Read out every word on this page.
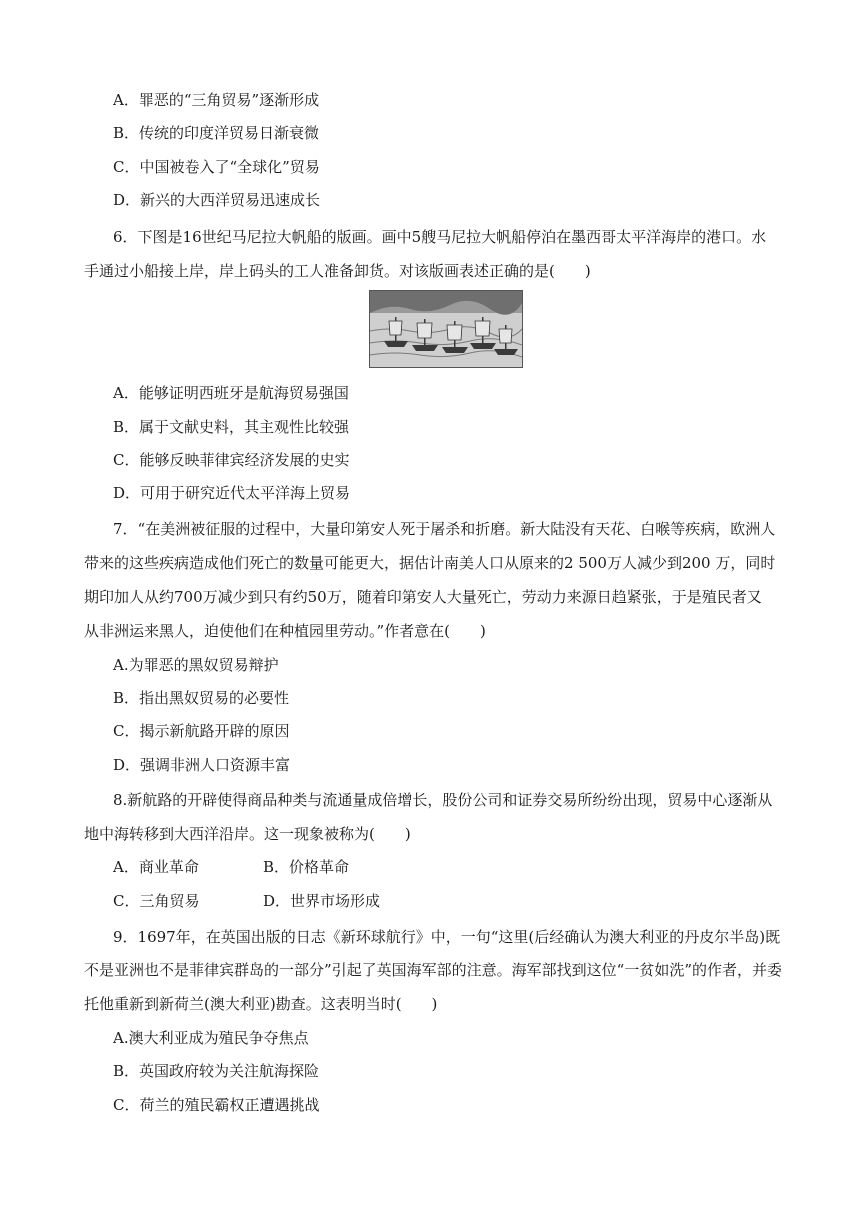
A．罪恶的“三角贸易”逐渐形成
B．传统的印度洋贸易日渐衰微
C．中国被卷入了“全球化”贸易
D．新兴的大西洋贸易迅速成长
6．下图是16世纪马尼拉大帆船的版画。画中5艘马尼拉大帆船停泊在墨西哥太平洋海岸的港口。水
手通过小船接上岸，岸上码头的工人准备卸货。对该版画表述正确的是(　　)
A．能够证明西班牙是航海贸易强国
B．属于文献史料，其主观性比较强
C．能够反映菲律宾经济发展的史实
D．可用于研究近代太平洋海上贸易
7．“在美洲被征服的过程中，大量印第安人死于屠杀和折磨。新大陆没有天花、白喉等疾病，欧洲人
带来的这些疾病造成他们死亡的数量可能更大，据估计南美人口从原来的2 500万人减少到200 万，同时
期印加人从约700万减少到只有约50万，随着印第安人大量死亡，劳动力来源日趋紧张，于是殖民者又
从非洲运来黑人，迫使他们在种植园里劳动。”作者意在(　　)
A.为罪恶的黑奴贸易辩护
B．指出黑奴贸易的必要性
C．揭示新航路开辟的原因
D．强调非洲人口资源丰富
8.新航路的开辟使得商品种类与流通量成倍增长，股份公司和证券交易所纷纷出现，贸易中心逐渐从
地中海转移到大西洋沿岸。这一现象被称为(　　)
A．商业革命	B．价格革命
C．三角贸易	D．世界市场形成
9．1697年，在英国出版的日志《新环球航行》中，一句“这里(后经确认为澳大利亚的丹皮尔半岛)既
不是亚洲也不是菲律宾群岛的一部分”引起了英国海军部的注意。海军部找到这位“一贫如洗”的作者，并委
托他重新到新荷兰(澳大利亚)勘查。这表明当时(　　)
A.澳大利亚成为殖民争夺焦点
B．英国政府较为关注航海探险
C．荷兰的殖民霸权正遭遇挑战
